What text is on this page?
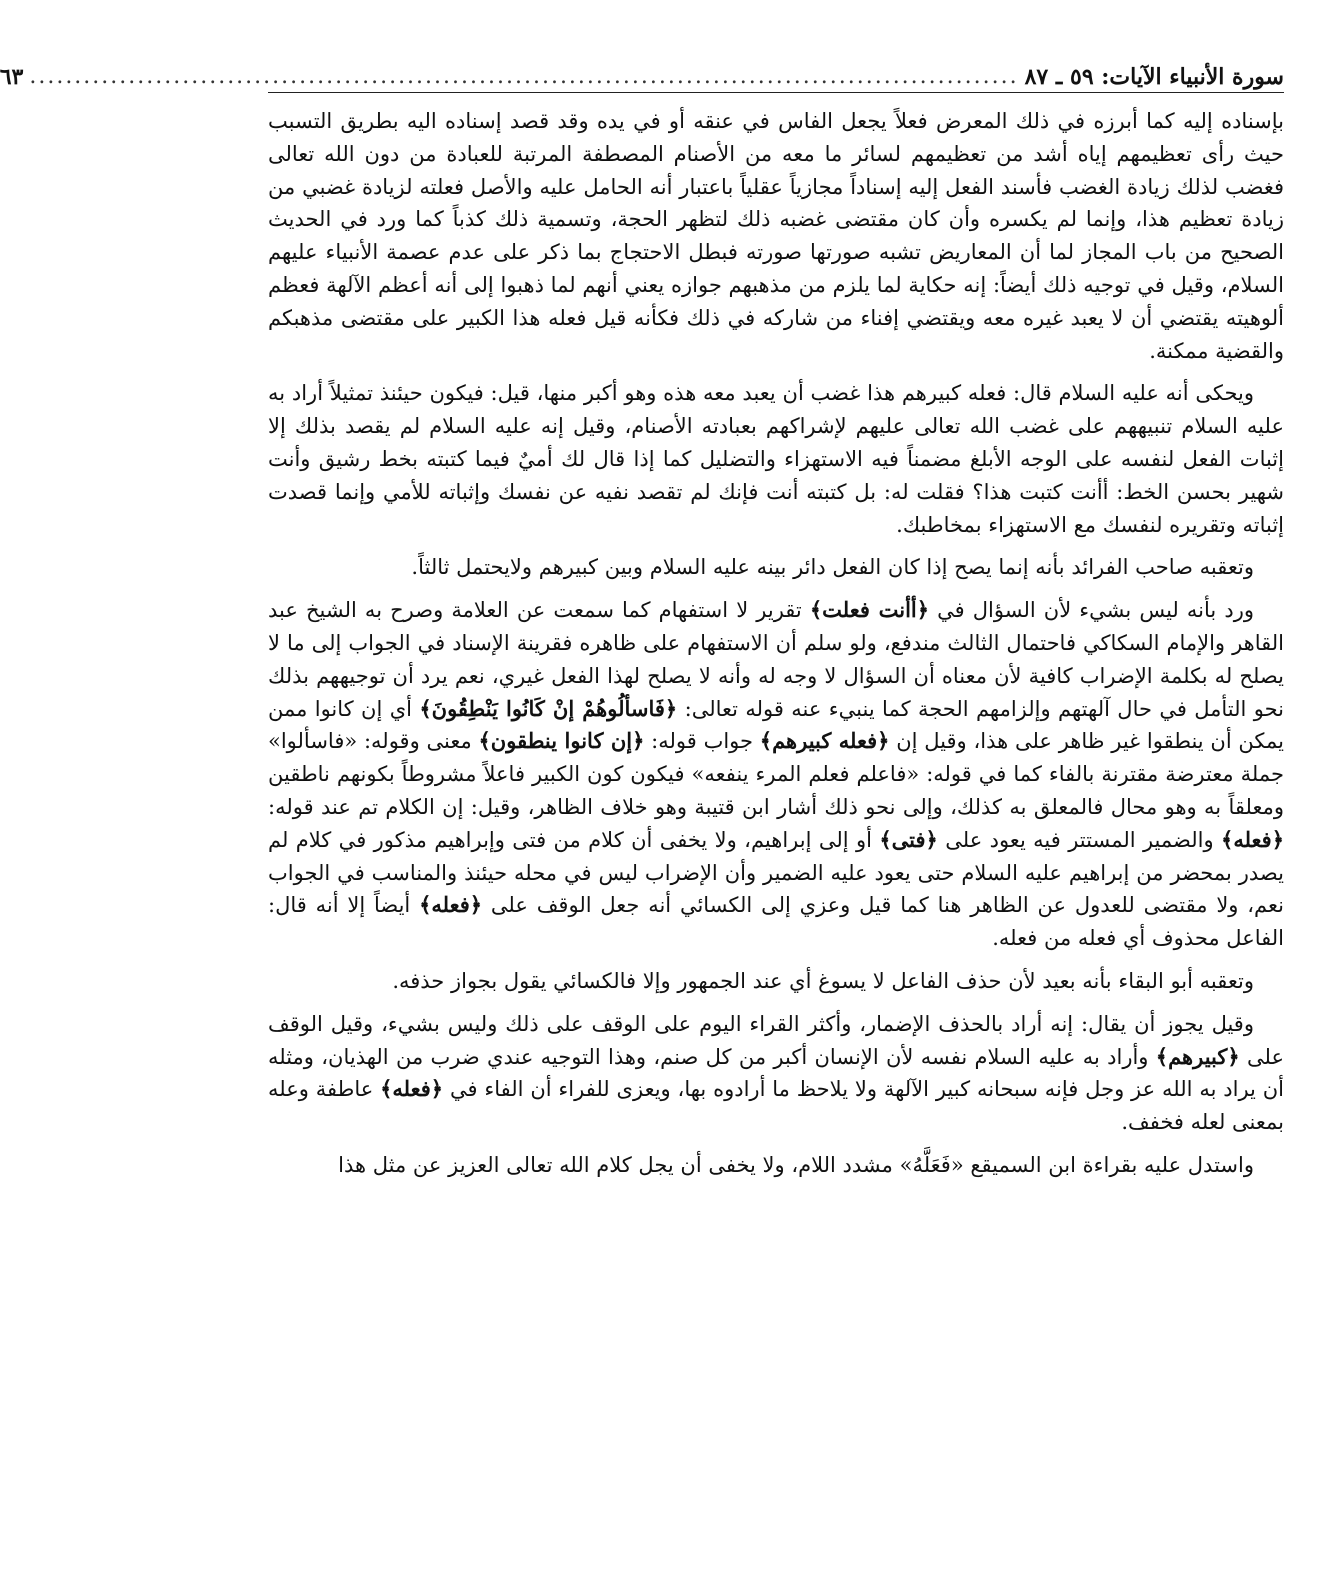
سورة الأنبياء الآيات: ٥٩ ـ ٨٧
..............................................................................................................
٦٣

بإسناده إليه كما أبرزه في ذلك المعرض فعلاً يجعل الفاس في عنقه أو في يده وقد قصد إسناده اليه بطريق التسبب حيث رأى تعظيمهم إياه أشد من تعظيمهم لسائر ما معه من الأصنام المصطفة المرتبة للعبادة من دون الله تعالى فغضب لذلك زيادة الغضب فأسند الفعل إليه إسناداً مجازياً عقلياً باعتبار أنه الحامل عليه والأصل فعلته لزيادة غضبي من زيادة تعظيم هذا، وإنما لم يكسره وأن كان مقتضى غضبه ذلك لتظهر الحجة، وتسمية ذلك كذباً كما ورد في الحديث الصحيح من باب المجاز لما أن المعاريض تشبه صورتها صورته فبطل الاحتجاج بما ذكر على عدم عصمة الأنبياء عليهم السلام، وقيل في توجيه ذلك أيضاً: إنه حكاية لما يلزم من مذهبهم جوازه يعني أنهم لما ذهبوا إلى أنه أعظم الآلهة فعظم ألوهيته يقتضي أن لا يعبد غيره معه ويقتضي إفناء من شاركه في ذلك فكأنه قيل فعله هذا الكبير على مقتضى مذهبكم والقضية ممكنة.

ويحكى أنه عليه السلام قال: فعله كبيرهم هذا غضب أن يعبد معه هذه وهو أكبر منها، قيل: فيكون حيئنذ تمثيلاً أراد به عليه السلام تنبيههم على غضب الله تعالى عليهم لإشراكهم بعبادته الأصنام، وقيل إنه عليه السلام لم يقصد بذلك إلا إثبات الفعل لنفسه على الوجه الأبلغ مضمناً فيه الاستهزاء والتضليل كما إذا قال لك أميٌ فيما كتبته بخط رشيق وأنت شهير بحسن الخط: أأنت كتبت هذا؟ فقلت له: بل كتبته أنت فإنك لم تقصد نفيه عن نفسك وإثباته للأمي وإنما قصدت إثباته وتقريره لنفسك مع الاستهزاء بمخاطبك.

وتعقبه صاحب الفرائد بأنه إنما يصح إذا كان الفعل دائر بينه عليه السلام وبين كبيرهم ولايحتمل ثالثاً.

ورد بأنه ليس بشيء لأن السؤال في ﴿أأنت فعلت﴾ تقرير لا استفهام كما سمعت عن العلامة وصرح به الشيخ عبد القاهر والإمام السكاكي فاحتمال الثالث مندفع، ولو سلم أن الاستفهام على ظاهره فقرينة الإسناد في الجواب إلى ما لا يصلح له بكلمة الإضراب كافية لأن معناه أن السؤال لا وجه له وأنه لا يصلح لهذا الفعل غيري، نعم يرد أن توجيههم بذلك نحو التأمل في حال آلهتهم وإلزامهم الحجة كما ينبيء عنه قوله تعالى: ﴿فَاسألُوهُمْ إنْ كَانُوا يَنْطِقُونَ﴾ أي إن كانوا ممن يمكن أن ينطقوا غير ظاهر على هذا، وقيل إن ﴿فعله كبيرهم﴾ جواب قوله: ﴿إن كانوا ينطقون﴾ معنى وقوله: «فاسألوا» جملة معترضة مقترنة بالفاء كما في قوله: «فاعلم فعلم المرء ينفعه» فيكون كون الكبير فاعلاً مشروطاً بكونهم ناطقين ومعلقاً به وهو محال فالمعلق به كذلك، وإلى نحو ذلك أشار ابن قتيبة وهو خلاف الظاهر، وقيل: إن الكلام تم عند قوله: ﴿فعله﴾ والضمير المستتر فيه يعود على ﴿فتى﴾ أو إلى إبراهيم، ولا يخفى أن كلام من فتى وإبراهيم مذكور في كلام لم يصدر بمحضر من إبراهيم عليه السلام حتى يعود عليه الضمير وأن الإضراب ليس في محله حيئنذ والمناسب في الجواب نعم، ولا مقتضى للعدول عن الظاهر هنا كما قيل وعزي إلى الكسائي أنه جعل الوقف على ﴿فعله﴾ أيضاً إلا أنه قال: الفاعل محذوف أي فعله من فعله.

وتعقبه أبو البقاء بأنه بعيد لأن حذف الفاعل لا يسوغ أي عند الجمهور وإلا فالكسائي يقول بجواز حذفه.

وقيل يجوز أن يقال: إنه أراد بالحذف الإضمار، وأكثر القراء اليوم على الوقف على ذلك وليس بشيء، وقيل الوقف على ﴿كبيرهم﴾ وأراد به عليه السلام نفسه لأن الإنسان أكبر من كل صنم، وهذا التوجيه عندي ضرب من الهذيان، ومثله أن يراد به الله عز وجل فإنه سبحانه كبير الآلهة ولا يلاحظ ما أرادوه بها، ويعزى للفراء أن الفاء في ﴿فعله﴾ عاطفة وعله بمعنى لعله فخفف.

واستدل عليه بقراءة ابن السميقع «فَعَلَّهُ» مشدد اللام، ولا يخفى أن يجل كلام الله تعالى العزيز عن مثل هذا
